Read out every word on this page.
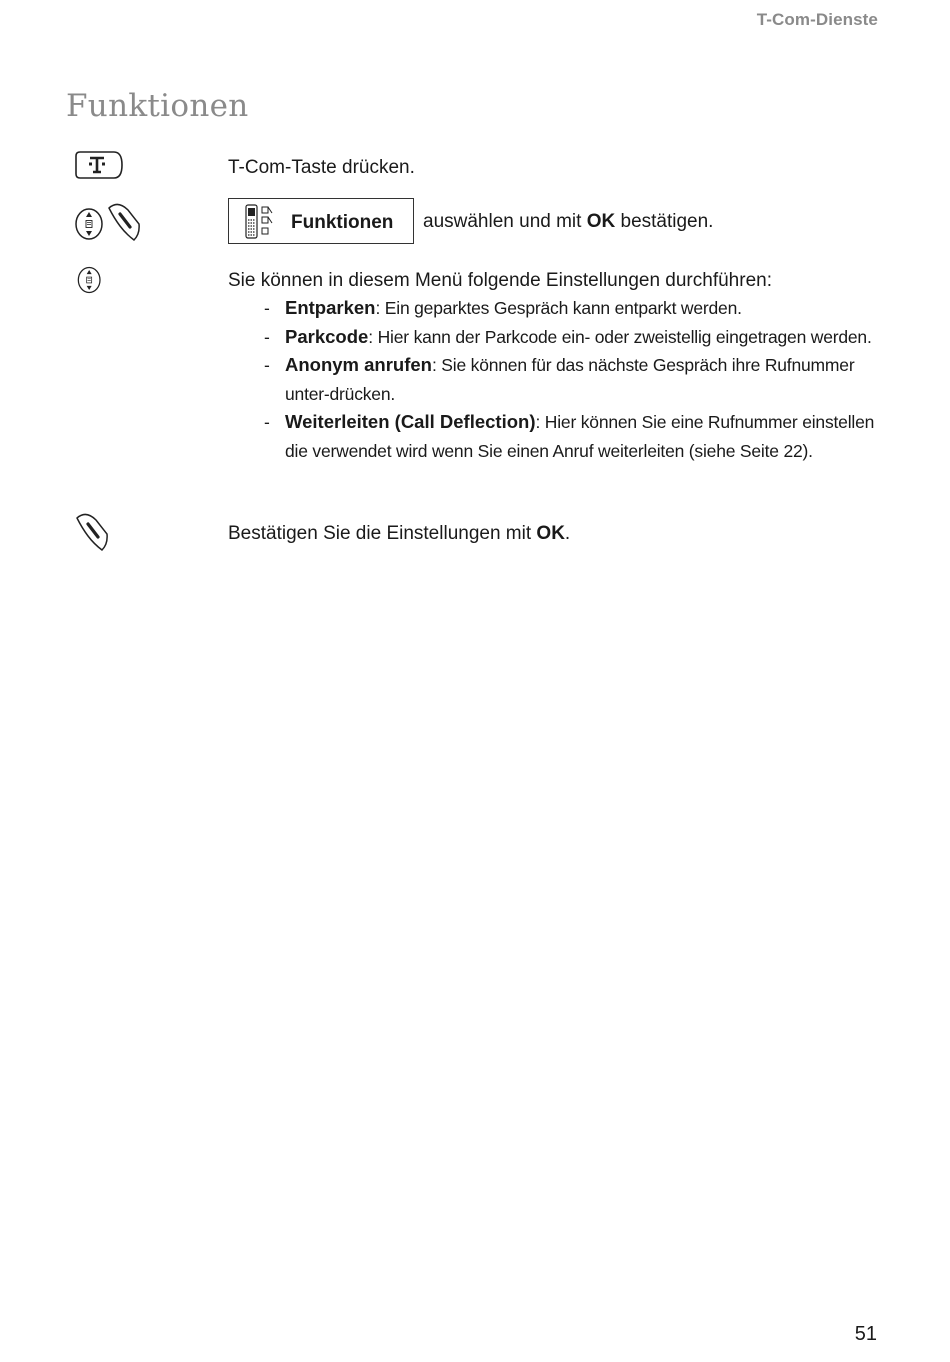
T-Com-Dienste
Funktionen
T-Com-Taste drücken.

Funktionen auswählen und mit OK bestätigen.
Sie können in diesem Menü folgende Einstellungen durchführen:
- Entparken: Ein geparktes Gespräch kann entparkt werden.
- Parkcode: Hier kann der Parkcode ein- oder zweistellig eingetragen werden.
- Anonym anrufen: Sie können für das nächste Gespräch ihre Rufnummer unter-drücken.
- Weiterleiten (Call Deflection): Hier können Sie eine Rufnummer einstellen die verwendet wird wenn Sie einen Anruf weiterleiten (siehe Seite 22).
Bestätigen Sie die Einstellungen mit OK.
51
